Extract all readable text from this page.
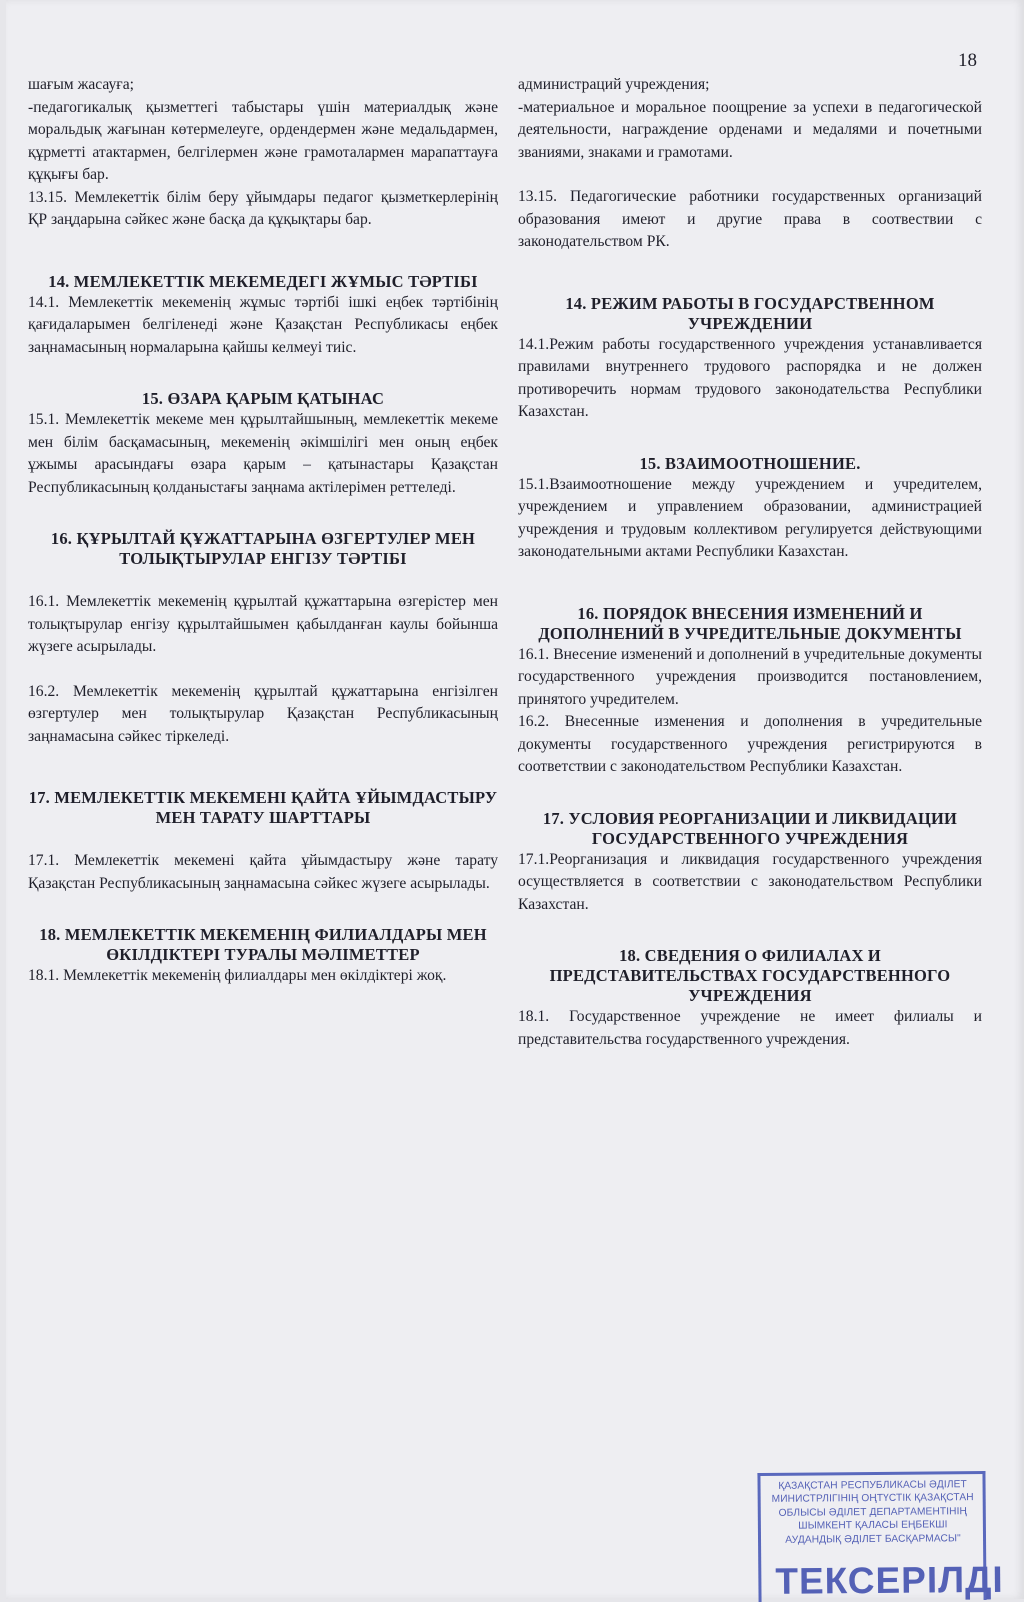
18

шағым жасауға;

-педагогикалық қызметтегі табыстары үшін материалдық және моральдық жағынан көтермелеуге, ордендермен және медальдармен, құрметті атактармен, белгілермен және грамоталармен марапаттауға құқығы бар.

13.15. Мемлекеттік білім беру ұйымдары педагог қызметкерлерінің ҚР заңдарына сәйкес және басқа да құқықтары бар.

14. МЕМЛЕКЕТТІК МЕКЕМЕДЕГІ ЖҰМЫС ТӘРТІБІ

14.1. Мемлекеттік мекеменің жұмыс тәртібі ішкі еңбек тәртібінің қағидаларымен белгіленеді және Қазақстан Республикасы еңбек заңнамасының нормаларына қайшы келмеуі тиіс.

15. ӨЗАРА ҚАРЫМ ҚАТЫНАС

15.1. Мемлекеттік мекеме мен құрылтайшының, мемлекеттік мекеме мен білім басқамасының, мекеменің әкімшілігі мен оның еңбек ұжымы арасындағы өзара қарым – қатынастары Қазақстан Республикасының қолданыстағы заңнама актілерімен реттеледі.

16. ҚҰРЫЛТАЙ ҚҰЖАТТАРЫНА ӨЗГЕРТУЛЕР МЕН ТОЛЫҚТЫРУЛАР ЕНГІЗУ ТӘРТІБІ

16.1. Мемлекеттік мекеменің құрылтай құжаттарына өзгерістер мен толықтырулар енгізу құрылтайшымен қабылданған каулы бойынша жүзеге асырылады.

16.2. Мемлекеттік мекеменің құрылтай құжаттарына енгізілген өзгертулер мен толықтырулар Қазақстан Республикасының заңнамасына сәйкес тіркеледі.

17. МЕМЛЕКЕТТІК МЕКЕМЕНІ ҚАЙТА ҰЙЫМДАСТЫРУ МЕН ТАРАТУ ШАРТТАРЫ

17.1. Мемлекеттік мекемені қайта ұйымдастыру және тарату Қазақстан Республикасының заңнамасына сәйкес жүзеге асырылады.

18. МЕМЛЕКЕТТІК МЕКЕМЕНІҢ ФИЛИАЛДАРЫ МЕН ӨКІЛДІКТЕРІ ТУРАЛЫ МӘЛІМЕТТЕР

18.1. Мемлекеттік мекеменің филиалдары мен өкілдіктері жоқ.

администраций учреждения;

-материальное и моральное поощрение за успехи в педагогической деятельности, награждение орденами и медалями и почетными званиями, знаками и грамотами.

13.15. Педагогические работники государственных организаций образования имеют и другие права в соотвествии с законодательством РК.

14. РЕЖИМ РАБОТЫ В ГОСУДАРСТВЕННОМ УЧРЕЖДЕНИИ

14.1.Режим работы государственного учреждения устанавливается правилами внутреннего трудового распорядка и не должен противоречить нормам трудового законодательства Республики Казахстан.

15. ВЗАИМООТНОШЕНИЕ.

15.1.Взаимоотношение между учреждением и учредителем, учреждением и управлением образовании, администрацией учреждения и трудовым коллективом регулируется действующими законодательными актами Республики Казахстан.

16. ПОРЯДОК ВНЕСЕНИЯ ИЗМЕНЕНИЙ И ДОПОЛНЕНИЙ В УЧРЕДИТЕЛЬНЫЕ ДОКУМЕНТЫ

16.1. Внесение изменений и дополнений в учредительные документы государственного учреждения производится постановлением, принятого учредителем.

16.2. Внесенные изменения и дополнения в учредительные документы государственного учреждения регистрируются в соответствии с законодательством Республики Казахстан.

17. УСЛОВИЯ РЕОРГАНИЗАЦИИ И ЛИКВИДАЦИИ ГОСУДАРСТВЕННОГО УЧРЕЖДЕНИЯ

17.1.Реорганизация и ликвидация государственного учреждения осуществляется в соответствии с законодательством Республики Казахстан.

18. СВЕДЕНИЯ О ФИЛИАЛАХ И ПРЕДСТАВИТЕЛЬСТВАХ ГОСУДАРСТВЕННОГО УЧРЕЖДЕНИЯ

18.1. Государственное учреждение не имеет филиалы и представительства государственного учреждения.

ҚАЗАҚСТАН РЕСПУБЛИКАСЫ ӘДІЛЕТ
МИНИСТРЛІГІНІҢ ОҢТҮСТІК ҚАЗАҚСТАН
ОБЛЫСЫ ӘДІЛЕТ ДЕПАРТАМЕНТІНІҢ
ШЫМКЕНТ ҚАЛАСЫ ЕҢБЕКШІ
АУДАНДЫҚ ӘДІЛЕТ БАСҚАРМАСЫ"
ТЕКСЕРІЛДІ
